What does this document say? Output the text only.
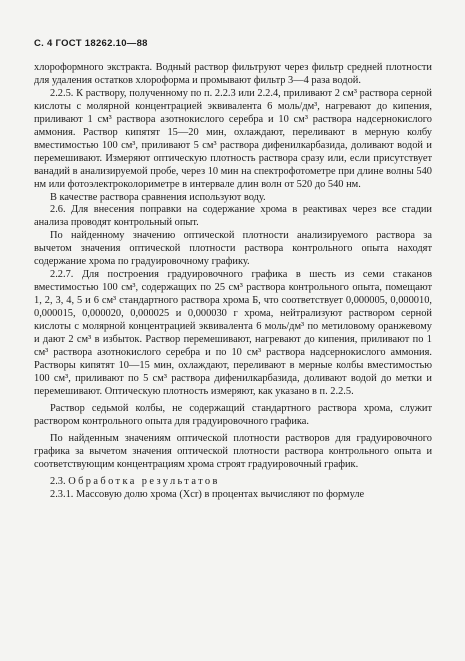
С. 4 ГОСТ 18262.10—88

хлороформного экстракта. Водный раствор фильтруют через фильтр средней плотности для удаления остатков хлороформа и промывают фильтр 3—4 раза водой.

2.2.5. К раствору, полученному по п. 2.2.3 или 2.2.4, приливают 2 см³ раствора серной кислоты с молярной концентрацией эквивалента 6 моль/дм³, нагревают до кипения, приливают 1 см³ раствора азотнокислого серебра и 10 см³ раствора надсернокислого аммония. Раствор кипятят 15—20 мин, охлаждают, переливают в мерную колбу вместимостью 100 см³, приливают 5 см³ раствора дифенилкарбазида, доливают водой и перемешивают. Измеряют оптическую плотность раствора сразу или, если присутствует ванадий в анализируемой пробе, через 10 мин на спектрофотометре при длине волны 540 нм или фотоэлектроколориметре в интервале длин волн от 520 до 540 нм.

В качестве раствора сравнения используют воду.

2.6. Для внесения поправки на содержание хрома в реактивах через все стадии анализа проводят контрольный опыт.

По найденному значению оптической плотности анализируемого раствора за вычетом значения оптической плотности раствора контрольного опыта находят содержание хрома по градуировочному графику.

2.2.7. Для построения градуировочного графика в шесть из семи стаканов вместимостью 100 см³, содержащих по 25 см³ раствора контрольного опыта, помещают 1, 2, 3, 4, 5 и 6 см³ стандартного раствора хрома Б, что соответствует 0,000005, 0,000010, 0,000015, 0,000020, 0,000025 и 0,000030 г хрома, нейтрализуют раствором серной кислоты с молярной концентрацией эквивалента 6 моль/дм³ по метиловому оранжевому и дают 2 см³ в избыток. Раствор перемешивают, нагревают до кипения, приливают по 1 см³ раствора азотнокислого серебра и по 10 см³ раствора надсернокислого аммония. Растворы кипятят 10—15 мин, охлаждают, переливают в мерные колбы вместимостью 100 см³, приливают по 5 см³ раствора дифенилкарбазида, доливают водой до метки и перемешивают. Оптическую плотность измеряют, как указано в п. 2.2.5.

Раствор седьмой колбы, не содержащий стандартного раствора хрома, служит раствором контрольного опыта для градуировочного графика.

По найденным значениям оптической плотности растворов для градуировочного графика за вычетом значения оптической плотности раствора контрольного опыта и соответствующим концентрациям хрома строят градуировочный график.

2.3. Обработка результатов

2.3.1. Массовую долю хрома (Xcr) в процентах вычисляют по формуле
